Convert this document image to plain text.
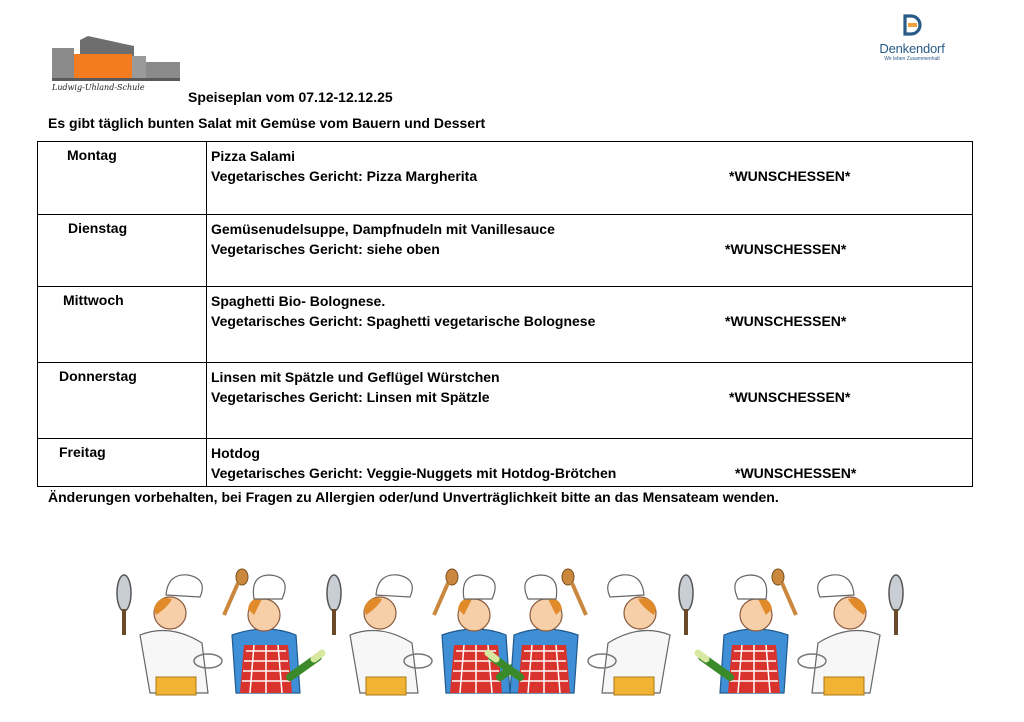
Ludwig-Uhland-Schule
Denkendorf
Wir leben Zusammenhalt
Speiseplan vom 07.12-12.12.25
Es gibt täglich bunten Salat mit Gemüse vom Bauern und Dessert
Montag	Pizza Salami
Vegetarisches Gericht: Pizza Margherita *WUNSCHESSEN*

Dienstag	Gemüsenudelsuppe, Dampfnudeln mit Vanillesauce
Vegetarisches Gericht: siehe oben *WUNSCHESSEN*

Mittwoch	Spaghetti Bio- Bolognese.
Vegetarisches Gericht: Spaghetti vegetarische Bolognese *WUNSCHESSEN*

Donnerstag	Linsen mit Spätzle und Geflügel Würstchen
Vegetarisches Gericht: Linsen mit Spätzle *WUNSCHESSEN*

Freitag	Hotdog
Vegetarisches Gericht: Veggie-Nuggets mit Hotdog-Brötchen *WUNSCHESSEN*
Änderungen vorbehalten, bei Fragen zu Allergien oder/und Unverträglichkeit bitte an das Mensateam wenden.
